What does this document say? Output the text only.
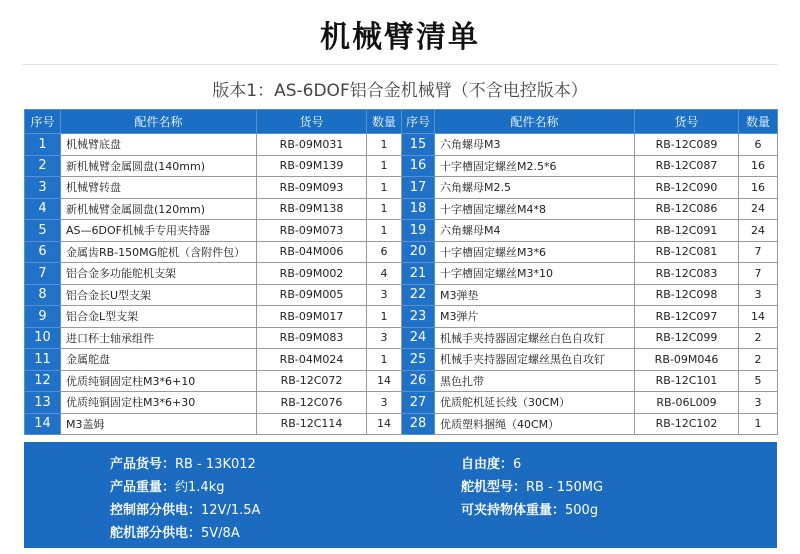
机械臂清单
版本1：AS-6DOF铝合金机械臂（不含电控版本）
序号	配件名称	货号	数量	序号	配件名称	货号	数量
1	机械臂底盘	RB-09M031	1	15	六角螺母M3	RB-12C089	6
2	新机械臂金属圆盘(140mm)	RB-09M139	1	16	十字槽固定螺丝M2.5*6	RB-12C087	16
3	机械臂转盘	RB-09M093	1	17	六角螺母M2.5	RB-12C090	16
4	新机械臂金属圆盘(120mm)	RB-09M138	1	18	十字槽固定螺丝M4*8	RB-12C086	24
5	AS—6DOF机械手专用夹持器	RB-09M073	1	19	六角螺母M4	RB-12C091	24
6	金属齿RB-150MG舵机（含附件包）	RB-04M006	6	20	十字槽固定螺丝M3*6	RB-12C081	7
7	铝合金多功能舵机支架	RB-09M002	4	21	十字槽固定螺丝M3*10	RB-12C083	7
8	铝合金长U型支架	RB-09M005	3	22	M3弹垫	RB-12C098	3
9	铝合金L型支架	RB-09M017	1	23	M3弹片	RB-12C097	14
10	进口杯士轴承组件	RB-09M083	3	24	机械手夹持器固定螺丝白色自攻钉	RB-12C099	2
11	金属舵盘	RB-04M024	1	25	机械手夹持器固定螺丝黑色自攻钉	RB-09M046	2
12	优质纯铜固定柱M3*6+10	RB-12C072	14	26	黑色扎带	RB-12C101	5
13	优质纯铜固定柱M3*6+30	RB-12C076	3	27	优质舵机延长线（30CM）	RB-06L009	3
14	M3盖姆	RB-12C114	14	28	优质塑料捆绳（40CM）	RB-12C102	1
产品货号：RB - 13K012
产品重量：约1.4kg
控制部分供电：12V/1.5A
舵机部分供电：5V/8A
自由度：6
舵机型号：RB - 150MG
可夹持物体重量：500g
